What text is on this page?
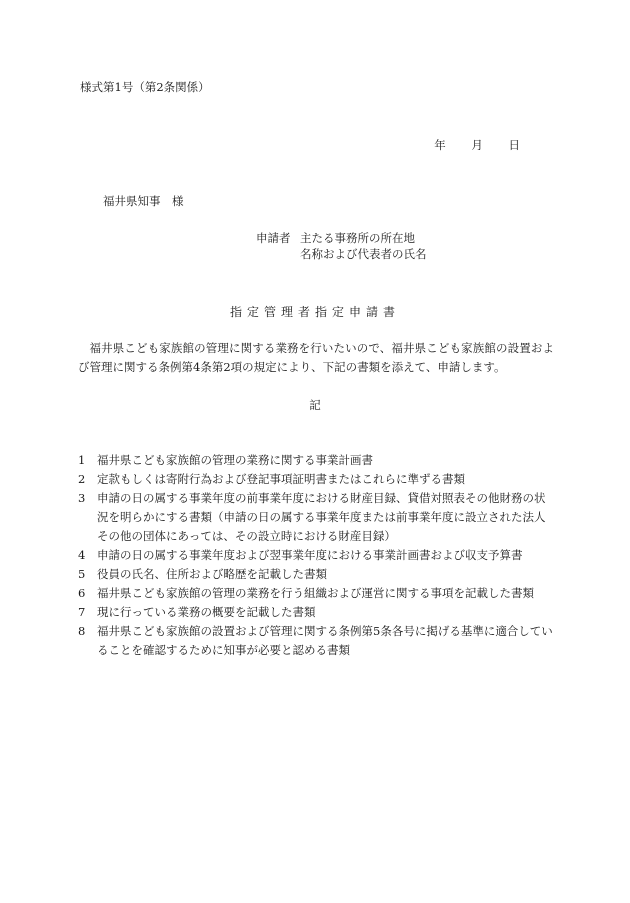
様式第1号（第2条関係）
年 月 日
福井県知事　様
申請者 主たる事務所の所在地
名称および代表者の氏名
指定管理者指定申請書
福井県こども家族館の管理に関する業務を行いたいので、福井県こども家族館の設置および管理に関する条例第4条第2項の規定により、下記の書類を添えて、申請します。
記
1	福井県こども家族館の管理の業務に関する事業計画書
2	定款もしくは寄附行為および登記事項証明書またはこれらに準ずる書類
3	申請の日の属する事業年度の前事業年度における財産目録、貸借対照表その他財務の状況を明らかにする書類（申請の日の属する事業年度または前事業年度に設立された法人その他の団体にあっては、その設立時における財産目録）
4	申請の日の属する事業年度および翌事業年度における事業計画書および収支予算書
5	役員の氏名、住所および略歴を記載した書類
6	福井県こども家族館の管理の業務を行う組織および運営に関する事項を記載した書類
7	現に行っている業務の概要を記載した書類
8	福井県こども家族館の設置および管理に関する条例第5条各号に掲げる基準に適合していることを確認するために知事が必要と認める書類
